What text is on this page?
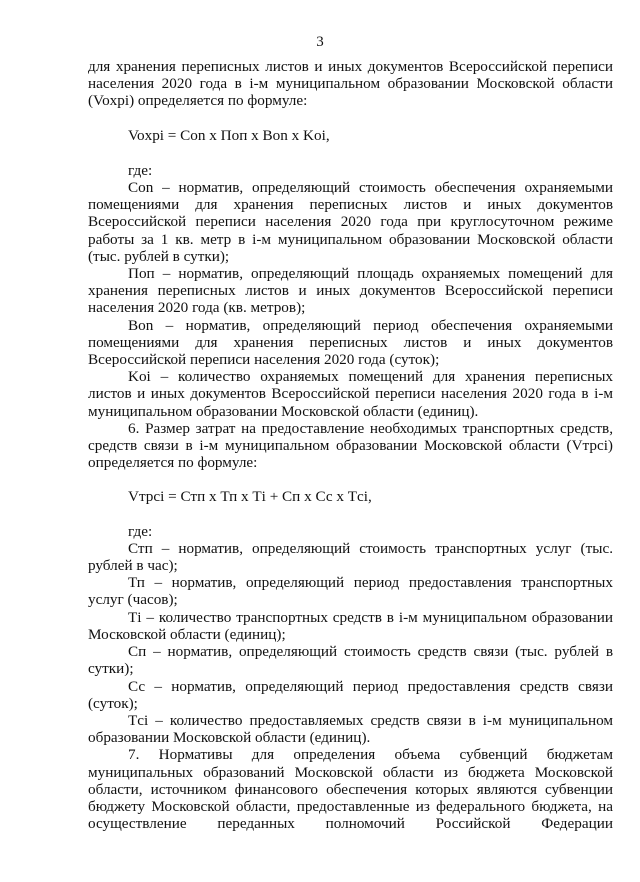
3

для хранения переписных листов и иных документов Всероссийской переписи населения 2020 года в i-м муниципальном образовании Московской области (Voxpi) определяется по формуле:

Voxpi = Con x Поп x Bon x Koi,

где:

Con – норматив, определяющий стоимость обеспечения охраняемыми помещениями для хранения переписных листов и иных документов Всероссийской переписи населения 2020 года при круглосуточном режиме работы за 1 кв. метр в i-м муниципальном образовании Московской области (тыс. рублей в сутки);

Поп – норматив, определяющий площадь охраняемых помещений для хранения переписных листов и иных документов Всероссийской переписи населения 2020 года (кв. метров);

Bon – норматив, определяющий период обеспечения охраняемыми помещениями для хранения переписных листов и иных документов Всероссийской переписи населения 2020 года (суток);

Koi – количество охраняемых помещений для хранения переписных листов и иных документов Всероссийской переписи населения 2020 года в i-м муниципальном образовании Московской области (единиц).

6. Размер затрат на предоставление необходимых транспортных средств, средств связи в i-м муниципальном образовании Московской области (Vтрci) определяется по формуле:

Vтрci = Стп x Тп x Тi + Сп x Сс x Тci,

где:

Стп – норматив, определяющий стоимость транспортных услуг (тыс. рублей в час);

Тп – норматив, определяющий период предоставления транспортных услуг (часов);

Тi – количество транспортных средств в i-м муниципальном образовании Московской области (единиц);

Сп – норматив, определяющий стоимость средств связи (тыс. рублей в сутки);

Сс – норматив, определяющий период предоставления средств связи (суток);

Тci – количество предоставляемых средств связи в i-м муниципальном образовании Московской области (единиц).

7. Нормативы для определения объема субвенций бюджетам муниципальных образований Московской области из бюджета Московской области, источником финансового обеспечения которых являются субвенции бюджету Московской области, предоставленные из федерального бюджета, на осуществление переданных полномочий Российской Федерации
